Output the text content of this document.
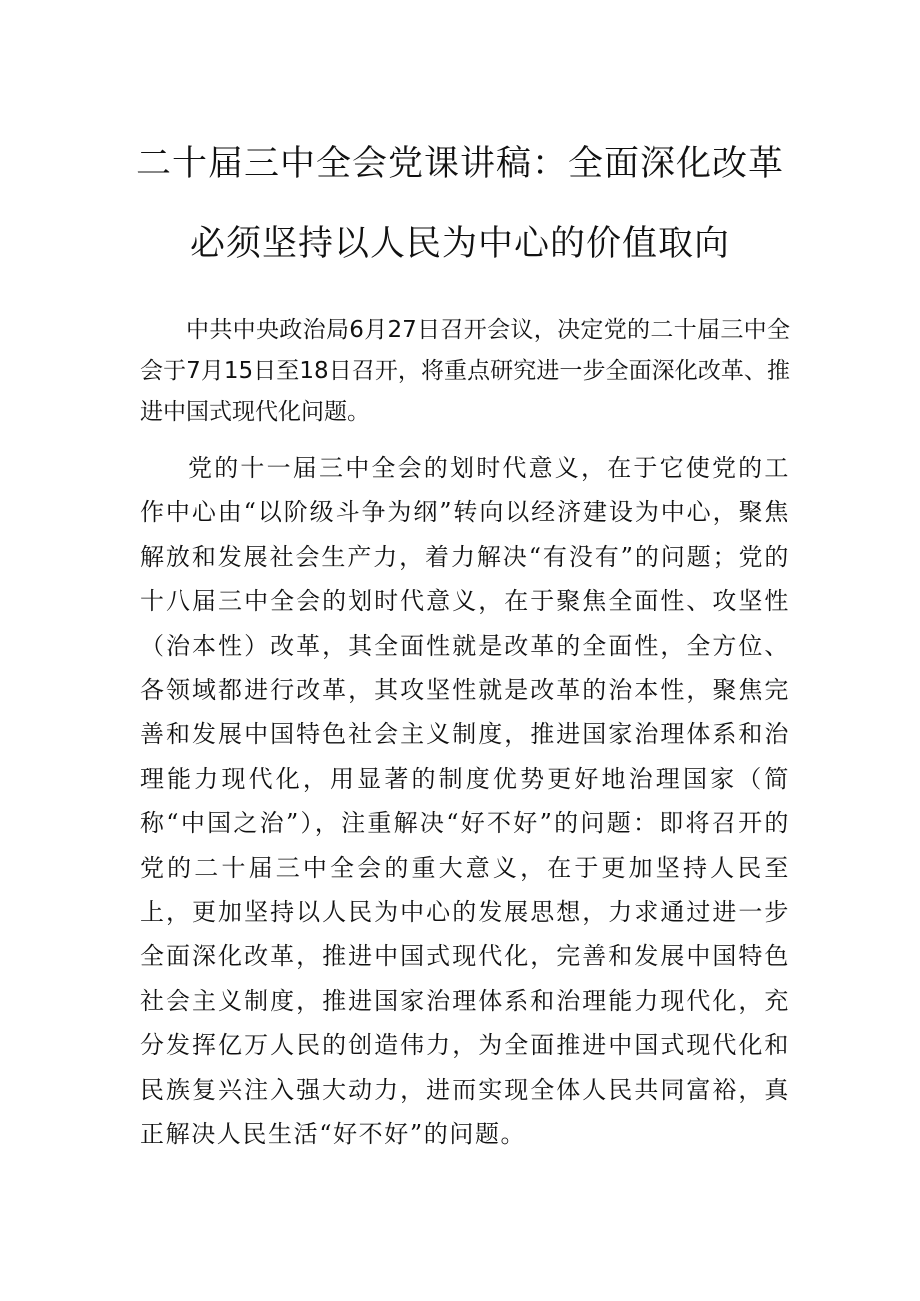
二十届三中全会党课讲稿：全面深化改革
必须坚持以人民为中心的价值取向

中共中央政治局6月27日召开会议，决定党的二十届三中全会于7月15日至18日召开，将重点研究进一步全面深化改革、推进中国式现代化问题。

党的十一届三中全会的划时代意义，在于它使党的工作中心由“以阶级斗争为纲”转向以经济建设为中心，聚焦解放和发展社会生产力，着力解决“有没有”的问题；党的十八届三中全会的划时代意义，在于聚焦全面性、攻坚性（治本性）改革，其全面性就是改革的全面性，全方位、各领域都进行改革，其攻坚性就是改革的治本性，聚焦完善和发展中国特色社会主义制度，推进国家治理体系和治理能力现代化，用显著的制度优势更好地治理国家（简称“中国之治”），注重解决“好不好”的问题：即将召开的党的二十届三中全会的重大意义，在于更加坚持人民至上，更加坚持以人民为中心的发展思想，力求通过进一步全面深化改革，推进中国式现代化，完善和发展中国特色社会主义制度，推进国家治理体系和治理能力现代化，充分发挥亿万人民的创造伟力，为全面推进中国式现代化和民族复兴注入强大动力，进而实现全体人民共同富裕，真正解决人民生活“好不好”的问题。
